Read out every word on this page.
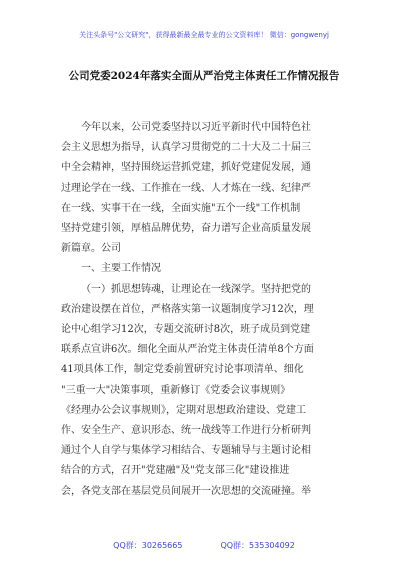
关注头条号"公文研究"，获得最新最全最专业的公文资料库！ 微信：gongwenyj
公司党委2024年落实全面从严治党主体责任工作情况报告
今年以来，公司党委坚持以习近平新时代中国特色社
会主义思想为指导，认真学习贯彻党的二十大及二十届三
中全会精神，坚持围绕运营抓党建，抓好党建促发展，通
过理论学在一线、工作推在一线、人才炼在一线、纪律严
在一线、实事干在一线，全面实施"五个一线"工作机制
坚持党建引领，厚植品牌优势，奋力谱写企业高质量发展
新篇章。公司
一、主要工作情况
（一）抓思想铸魂，让理论在一线深学。坚持把党的
政治建设摆在首位，严格落实第一议题制度学习12次，理
论中心组学习12次，专题交流研讨8次，班子成员到党建
联系点宣讲6次。细化全面从严治党主体责任清单8个方面
41项具体工作，制定党委前置研究讨论事项清单、细化
"三重一大"决策事项，重新修订《党委会议事规则》
《经理办公会议事规则》，定期对思想政治建设、党建工
作、安全生产、意识形态、统一战线等工作进行分析研判
通过个人自学与集体学习相结合、专题辅导与主题讨论相
结合的方式，召开"党建融"及"党支部三化"建设推进
会，各党支部在基层党员间展开一次思想的交流碰撞。举
QQ群：30265665	QQ群：535304092
